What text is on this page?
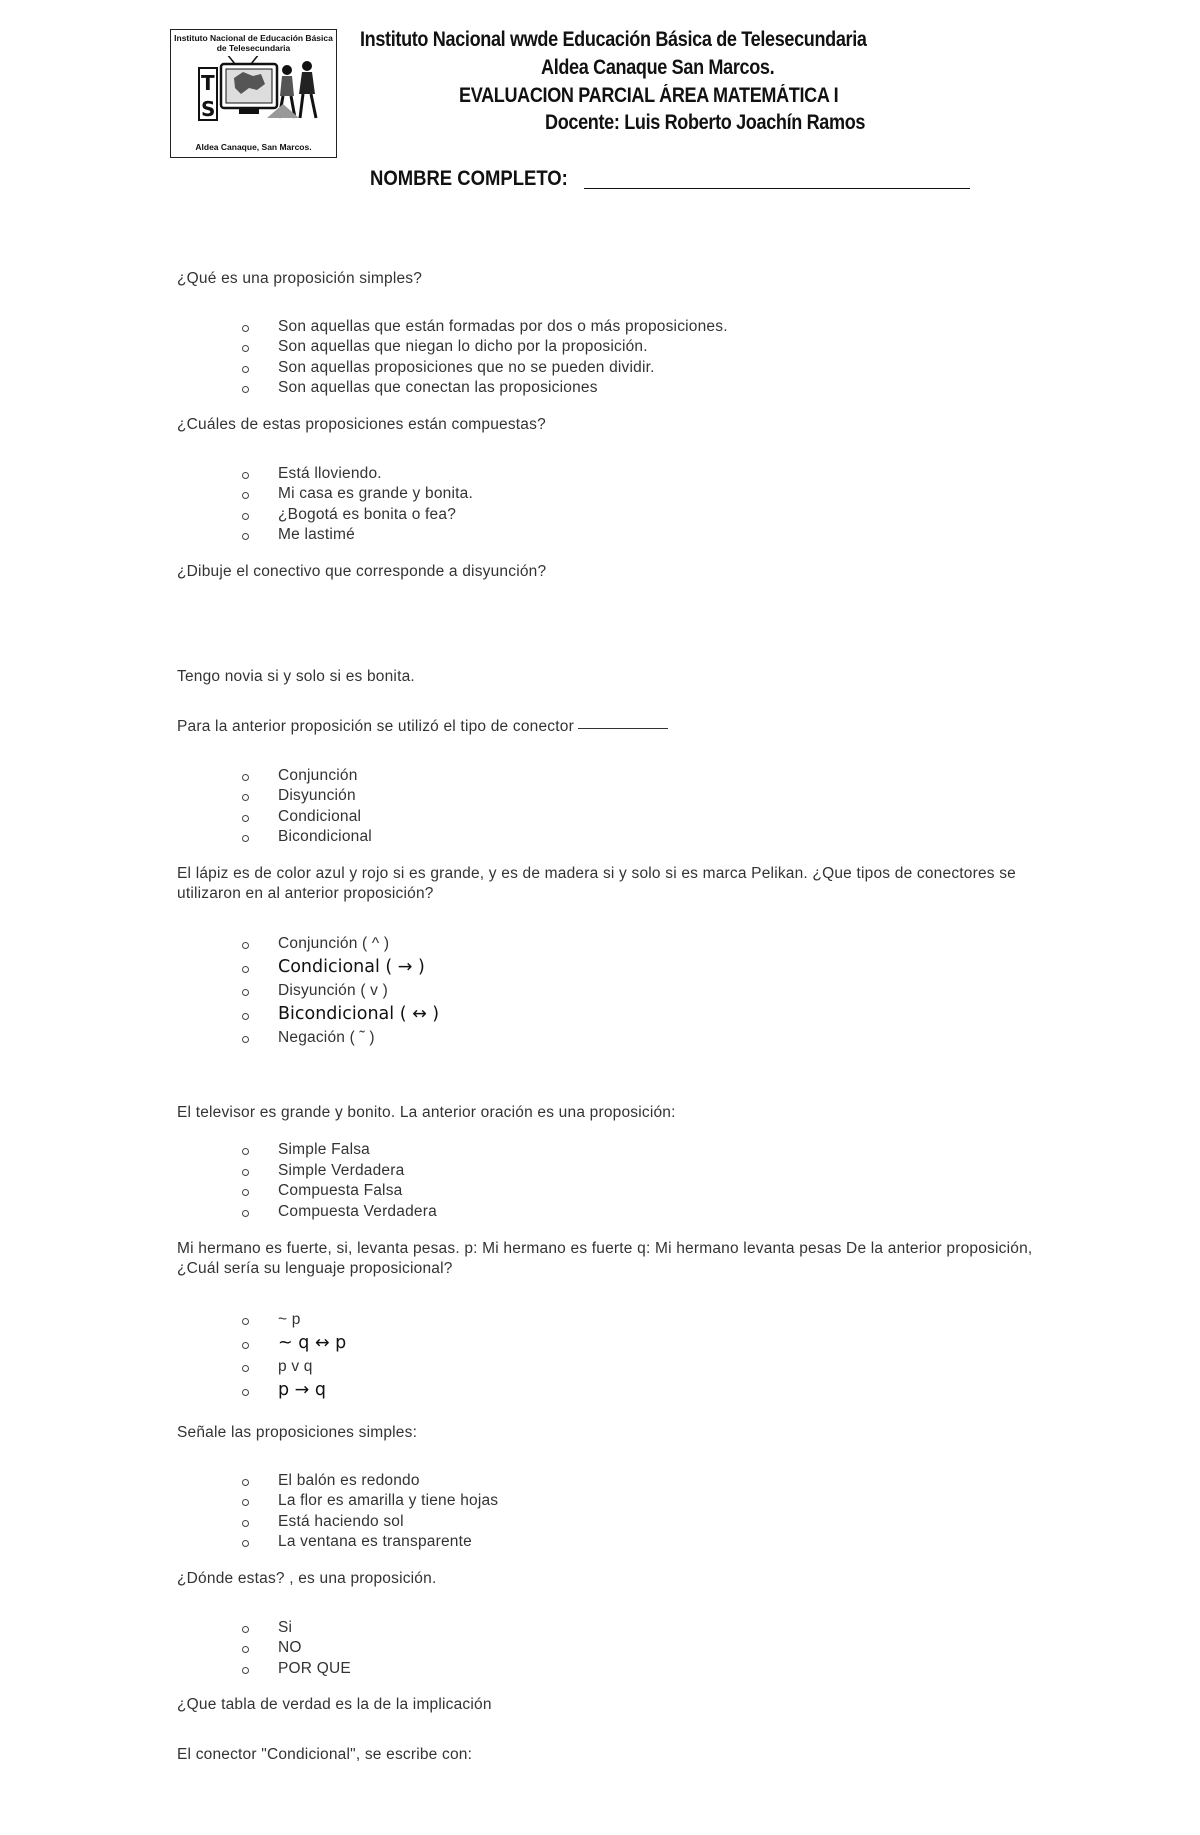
Instituto Nacional de Educación Básica de Telesecundaria
T
S
Aldea Canaque, San Marcos.
Instituto Nacional wwde Educación Básica de Telesecundaria
Aldea Canaque San Marcos.
EVALUACION PARCIAL ÁREA MATEMÁTICA I
Docente: Luis Roberto Joachín Ramos
NOMBRE COMPLETO:
¿Qué es una proposición simples?
Son aquellas que están formadas por dos o más proposiciones.
Son aquellas que niegan lo dicho por la proposición.
Son aquellas proposiciones que no se pueden dividir.
Son aquellas que conectan las proposiciones
¿Cuáles de estas proposiciones están compuestas?
Está lloviendo.
Mi casa es grande y bonita.
¿Bogotá es bonita o fea?
Me lastimé
¿Dibuje el conectivo que corresponde a disyunción?
Tengo novia si y solo si es bonita.
Para la anterior proposición se utilizó el tipo de conector
Conjunción
Disyunción
Condicional
Bicondicional
El lápiz es de color azul y rojo si es grande, y es de madera si y solo si es marca Pelikan. ¿Que tipos de conectores se utilizaron en al anterior proposición?
Conjunción ( ^ )
Condicional ( → )
Disyunción ( v )
Bicondicional ( ↔ )
Negación ( ˜ )
El televisor es grande y bonito. La anterior oración es una proposición:
Simple Falsa
Simple Verdadera
Compuesta Falsa
Compuesta Verdadera
Mi hermano es fuerte, si, levanta pesas. p: Mi hermano es fuerte q: Mi hermano levanta pesas De la anterior proposición, ¿Cuál sería su lenguaje proposicional?
~ p
~ q ↔ p
p v q
p → q
Señale las proposiciones simples:
El balón es redondo
La flor es amarilla y tiene hojas
Está haciendo sol
La ventana es transparente
¿Dónde estas? , es una proposición.
Si
NO
POR QUE
¿Que tabla de verdad es la de la implicación
El conector "Condicional", se escribe con:
